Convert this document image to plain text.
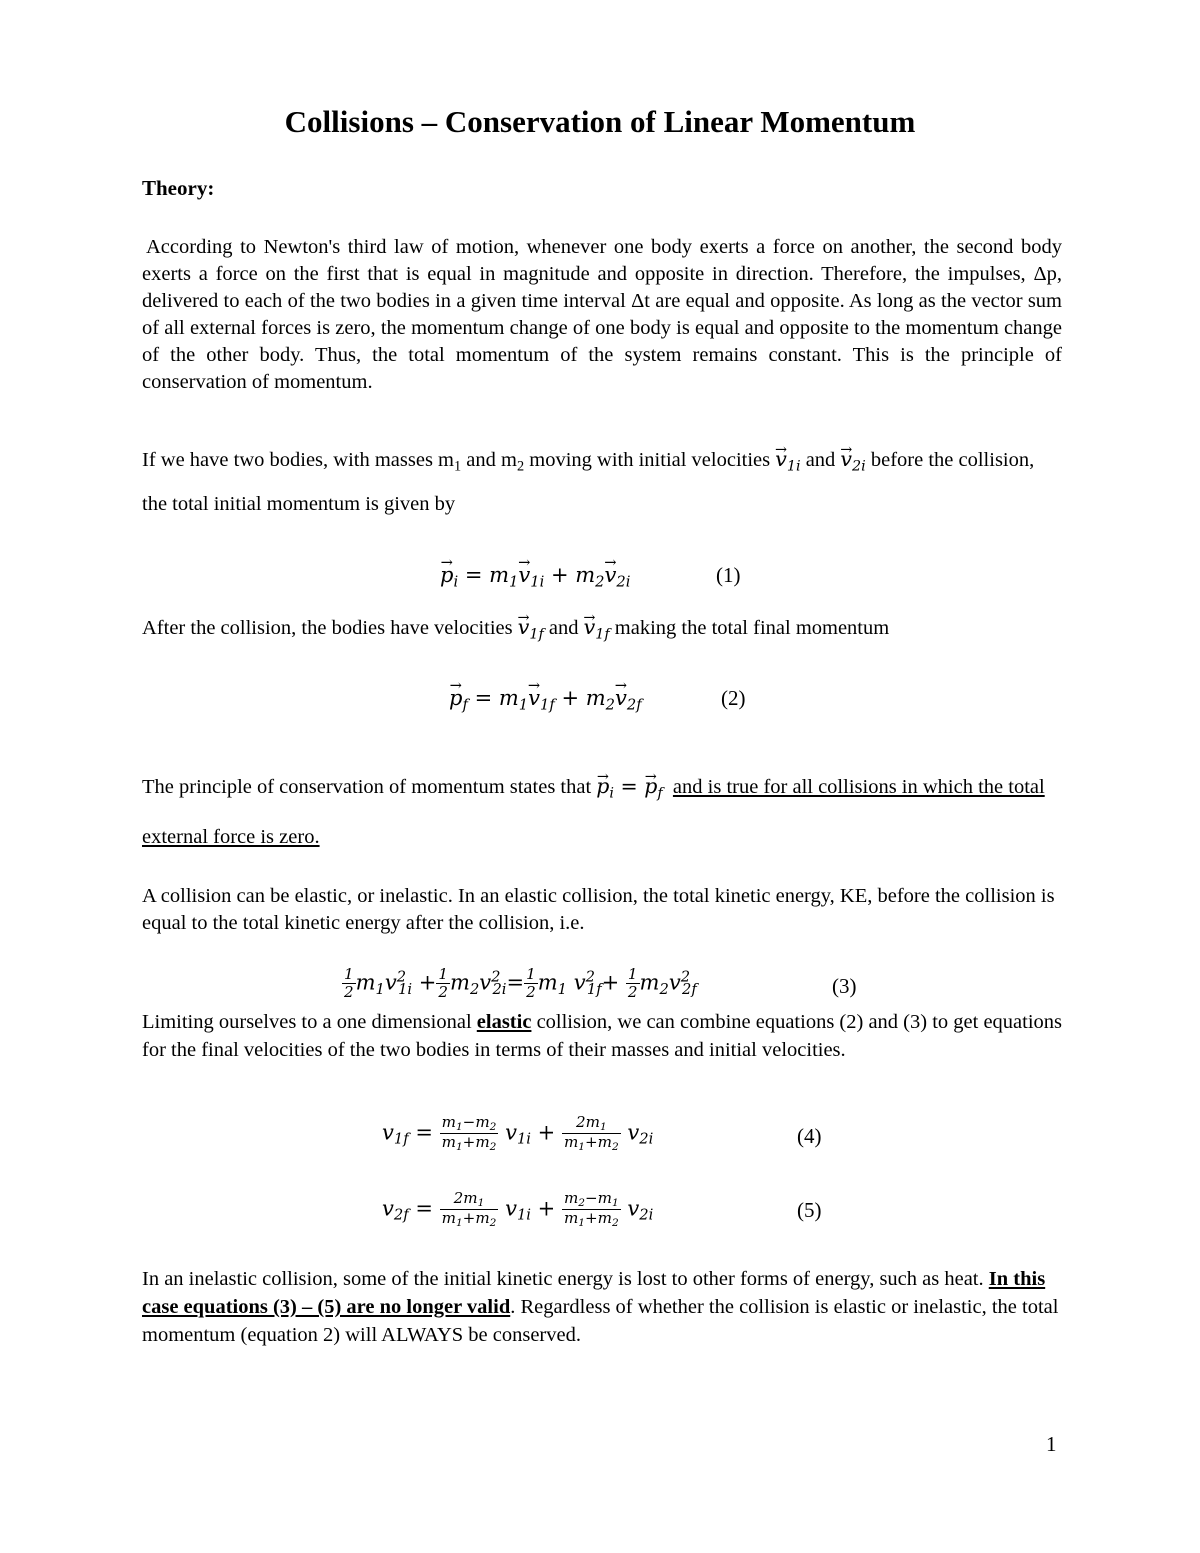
Collisions – Conservation of Linear Momentum
Theory:
According to Newton's third law of motion, whenever one body exerts a force on another, the second body exerts a force on the first that is equal in magnitude and opposite in direction. Therefore, the impulses, Δp, delivered to each of the two bodies in a given time interval Δt are equal and opposite. As long as the vector sum of all external forces is zero, the momentum change of one body is equal and opposite to the momentum change of the other body. Thus, the total momentum of the system remains constant. This is the principle of conservation of momentum.
If we have two bodies, with masses $m_1$ and $m_2$ moving with initial velocities → $v_{1i}$ and → $v_{2i}$ before the collision, the total initial momentum is given by
→ $p_i = m_1\to v_{1i} + m_2\to v_{2i}$	(1)
After the collision, the bodies have velocities → $v_{1f}$ and → $v_{1f}$ making the total final momentum
→ $p_f = m_1\to v_{1f} + m_2\to v_{2f}$	(2)
The principle of conservation of momentum states that → $p_i$ = → $p_f$ and is true for all collisions in which the total external force is zero.
A collision can be elastic, or inelastic. In an elastic collision, the total kinetic energy, KE, before the collision is equal to the total kinetic energy after the collision, i.e.
$\frac{1}{2} m_1v^2_{1i} + \frac{1}{2} m_2v^2_{2i}= \frac{1}{2} m_1$ $v^2_{1f}+ \frac{1}{2} m_2v^2_{2f}$	(3)
Limiting ourselves to a one dimensional elastic collision, we can combine equations (2) and (3) to get equations for the final velocities of the two bodies in terms of their masses and initial velocities.
$v_{1f} = \frac{m_1-m_2}{m_1+m_2} v_{1i} + \frac{2m_1}{m_1+m_2} v_{2i}$	(4)
$v_{2f} = \frac{2m_1}{m_1+m_2} v_{1i} + \frac{m_2-m_1}{m_1+m_2} v_{2i}$	(5)
In an inelastic collision, some of the initial kinetic energy is lost to other forms of energy, such as heat. In this case equations (3) – (5) are no longer valid. Regardless of whether the collision is elastic or inelastic, the total momentum (equation 2) will ALWAYS be conserved.
1
